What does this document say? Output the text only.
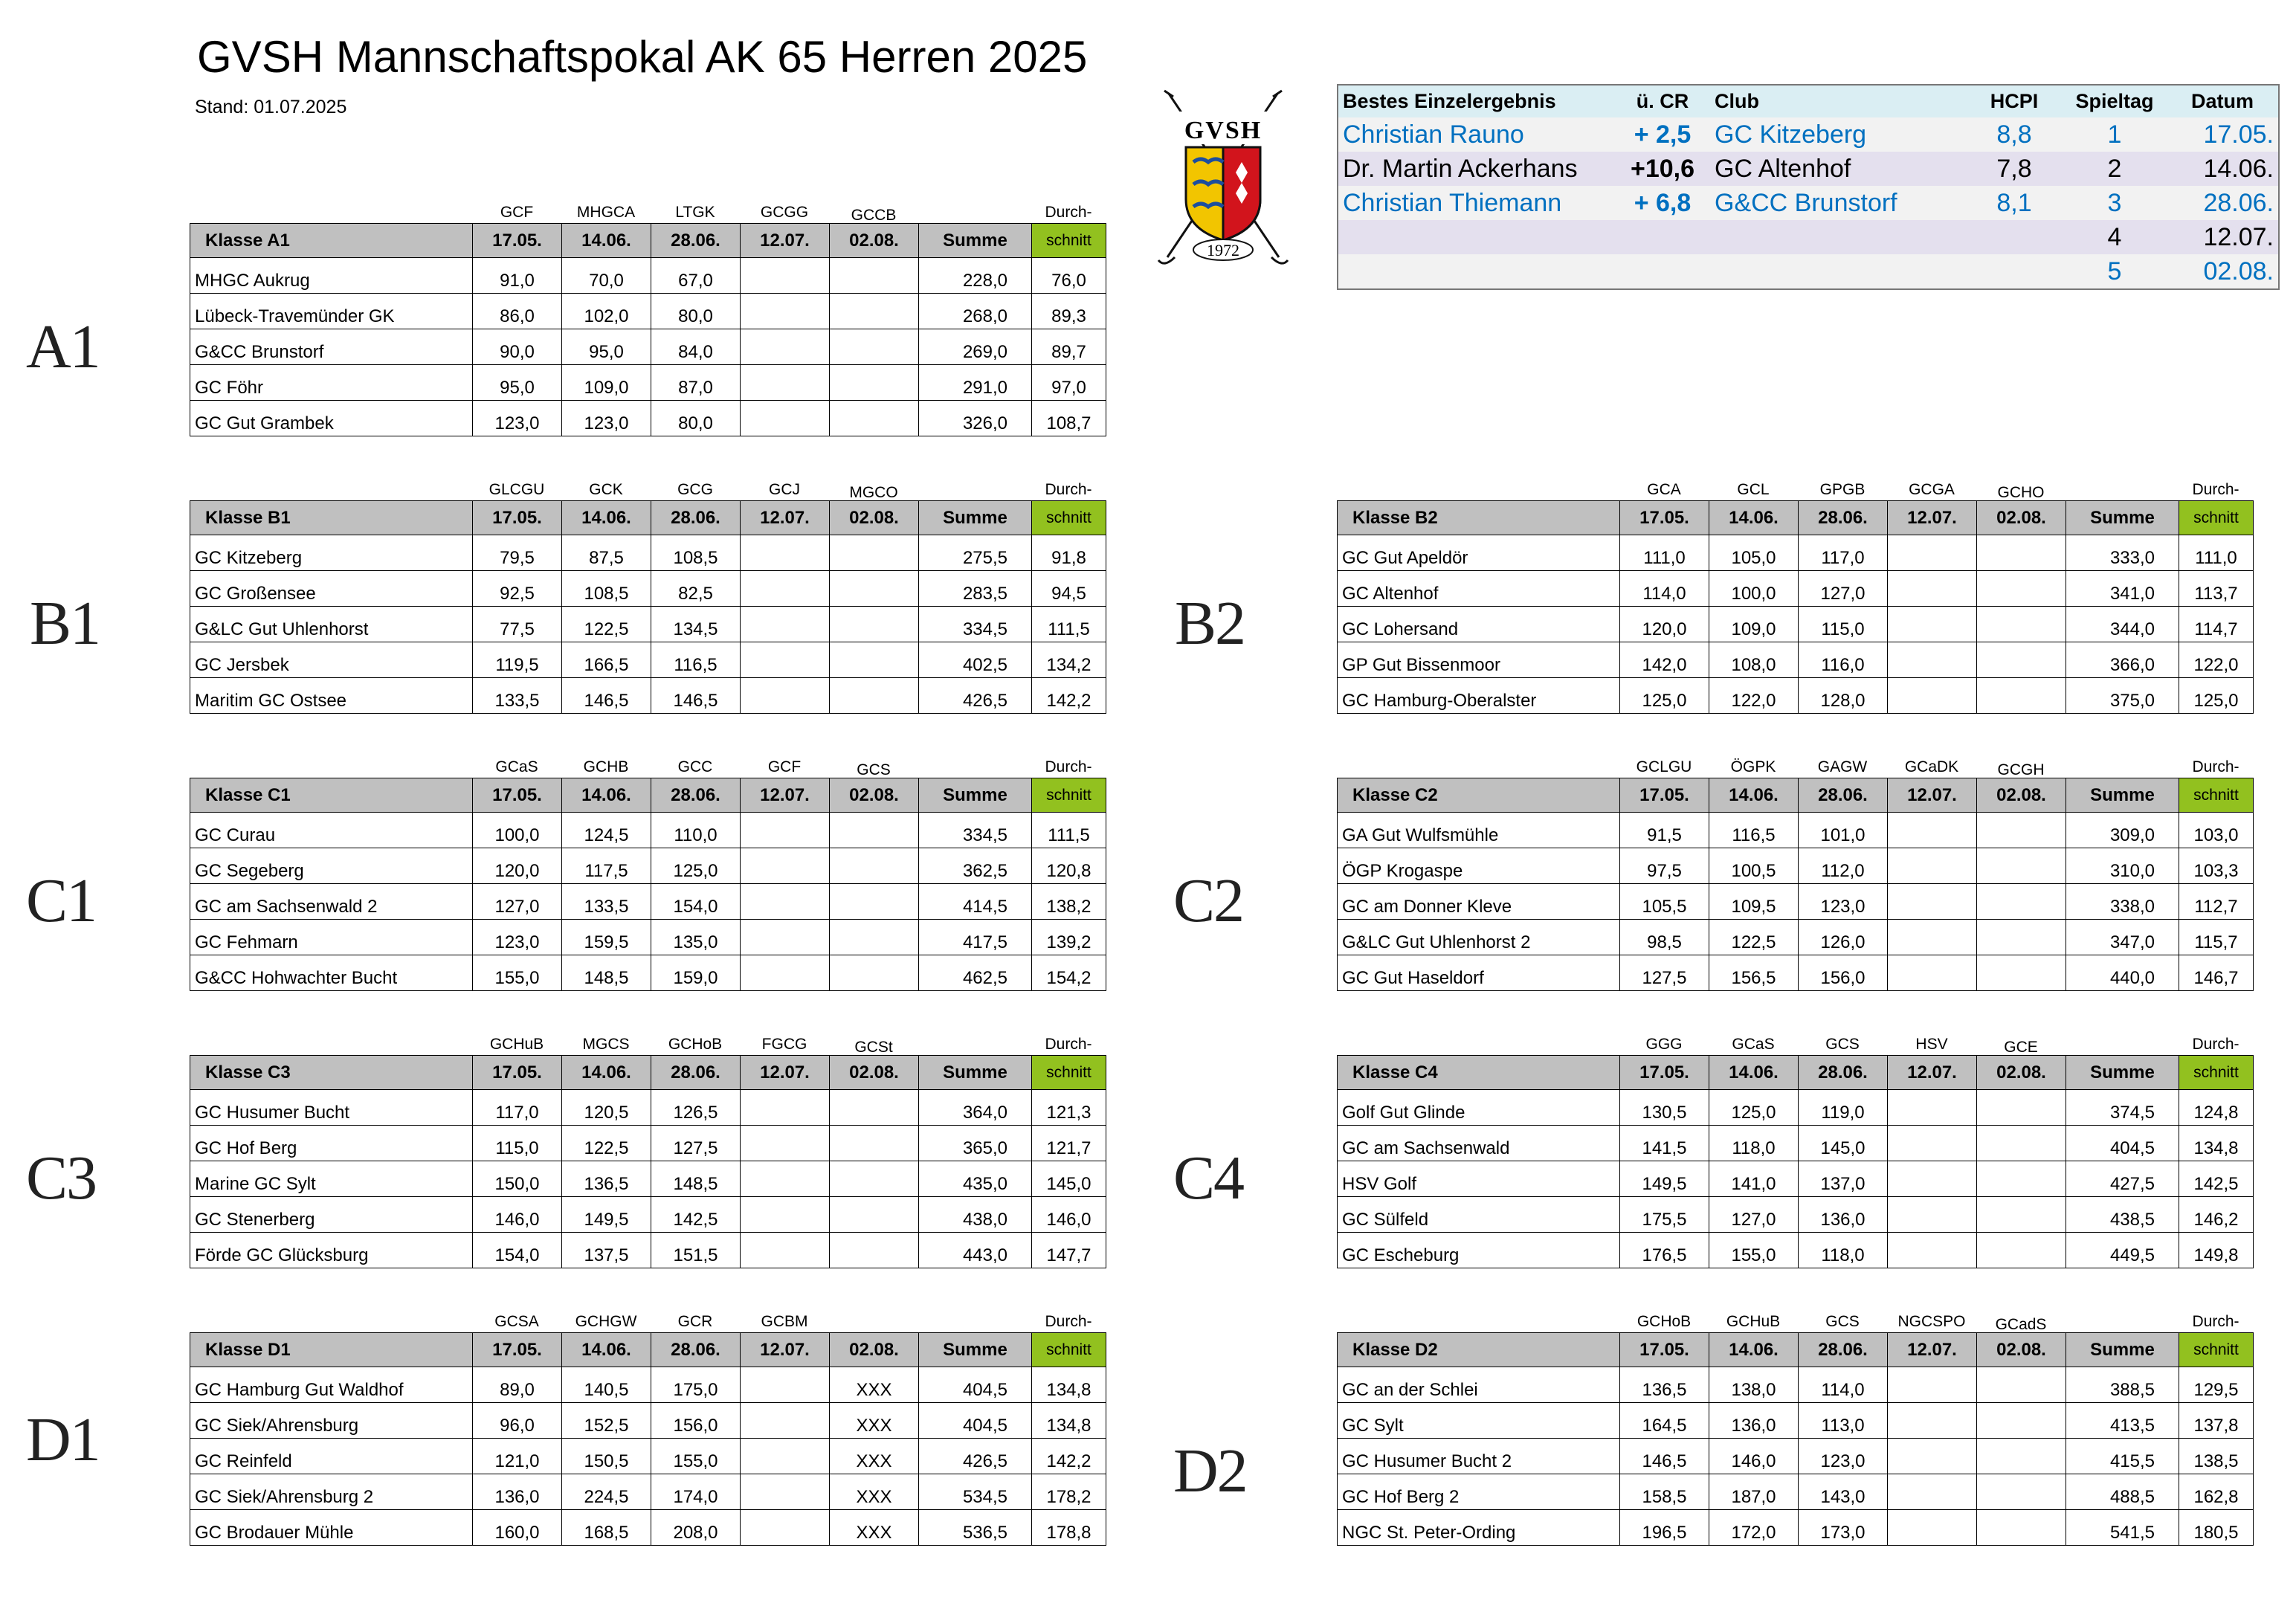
GVSH Mannschaftspokal AK 65 Herren 2025
Stand: 01.07.2025
GVSH
1972
Bestes Einzelergebnis	ü. CR	Club	HCPI	Spieltag	Datum
Christian Rauno	+ 2,5	GC Kitzeberg	8,8	1	17.05.
Dr. Martin Ackerhans	+10,6	GC Altenhof	7,8	2	14.06.
Christian Thiemann	+ 6,8	G&CC Brunstorf	8,1	3	28.06.
				4	12.07.
				5	02.08.
A1
GCF	MHGCA	LTGK	GCGG	GCCB	Durch-
Klasse A1	17.05.	14.06.	28.06.	12.07.	02.08.	Summe	schnitt
MHGC Aukrug	91,0	70,0	67,0			228,0	76,0
Lübeck-Travemünder GK	86,0	102,0	80,0			268,0	89,3
G&CC Brunstorf	90,0	95,0	84,0			269,0	89,7
GC Föhr	95,0	109,0	87,0			291,0	97,0
GC Gut Grambek	123,0	123,0	80,0			326,0	108,7
B1
GLCGU	GCK	GCG	GCJ	MGCO	Durch-
Klasse B1	17.05.	14.06.	28.06.	12.07.	02.08.	Summe	schnitt
GC Kitzeberg	79,5	87,5	108,5			275,5	91,8
GC Großensee	92,5	108,5	82,5			283,5	94,5
G&LC Gut Uhlenhorst	77,5	122,5	134,5			334,5	111,5
GC Jersbek	119,5	166,5	116,5			402,5	134,2
Maritim GC Ostsee	133,5	146,5	146,5			426,5	142,2
B2
GCA	GCL	GPGB	GCGA	GCHO	Durch-
Klasse B2	17.05.	14.06.	28.06.	12.07.	02.08.	Summe	schnitt
GC Gut Apeldör	111,0	105,0	117,0			333,0	111,0
GC Altenhof	114,0	100,0	127,0			341,0	113,7
GC Lohersand	120,0	109,0	115,0			344,0	114,7
GP Gut Bissenmoor	142,0	108,0	116,0			366,0	122,0
GC Hamburg-Oberalster	125,0	122,0	128,0			375,0	125,0
C1
GCaS	GCHB	GCC	GCF	GCS	Durch-
Klasse C1	17.05.	14.06.	28.06.	12.07.	02.08.	Summe	schnitt
GC Curau	100,0	124,5	110,0			334,5	111,5
GC Segeberg	120,0	117,5	125,0			362,5	120,8
GC am Sachsenwald 2	127,0	133,5	154,0			414,5	138,2
GC Fehmarn	123,0	159,5	135,0			417,5	139,2
G&CC Hohwachter Bucht	155,0	148,5	159,0			462,5	154,2
C2
GCLGU	ÖGPK	GAGW	GCaDK	GCGH	Durch-
Klasse C2	17.05.	14.06.	28.06.	12.07.	02.08.	Summe	schnitt
GA Gut Wulfsmühle	91,5	116,5	101,0			309,0	103,0
ÖGP Krogaspe	97,5	100,5	112,0			310,0	103,3
GC am Donner Kleve	105,5	109,5	123,0			338,0	112,7
G&LC Gut Uhlenhorst 2	98,5	122,5	126,0			347,0	115,7
GC Gut Haseldorf	127,5	156,5	156,0			440,0	146,7
C3
GCHuB	MGCS	GCHoB	FGCG	GCSt	Durch-
Klasse C3	17.05.	14.06.	28.06.	12.07.	02.08.	Summe	schnitt
GC Husumer Bucht	117,0	120,5	126,5			364,0	121,3
GC Hof Berg	115,0	122,5	127,5			365,0	121,7
Marine GC Sylt	150,0	136,5	148,5			435,0	145,0
GC Stenerberg	146,0	149,5	142,5			438,0	146,0
Förde GC Glücksburg	154,0	137,5	151,5			443,0	147,7
C4
GGG	GCaS	GCS	HSV	GCE	Durch-
Klasse C4	17.05.	14.06.	28.06.	12.07.	02.08.	Summe	schnitt
Golf Gut Glinde	130,5	125,0	119,0			374,5	124,8
GC am Sachsenwald	141,5	118,0	145,0			404,5	134,8
HSV Golf	149,5	141,0	137,0			427,5	142,5
GC Sülfeld	175,5	127,0	136,0			438,5	146,2
GC Escheburg	176,5	155,0	118,0			449,5	149,8
D1
GCSA	GCHGW	GCR	GCBM	Durch-
Klasse D1	17.05.	14.06.	28.06.	12.07.	02.08.	Summe	schnitt
GC Hamburg Gut Waldhof	89,0	140,5	175,0		XXX	404,5	134,8
GC Siek/Ahrensburg	96,0	152,5	156,0		XXX	404,5	134,8
GC Reinfeld	121,0	150,5	155,0		XXX	426,5	142,2
GC Siek/Ahrensburg 2	136,0	224,5	174,0		XXX	534,5	178,2
GC Brodauer Mühle	160,0	168,5	208,0		XXX	536,5	178,8
D2
GCHoB	GCHuB	GCS	NGCSPO	GCadS	Durch-
Klasse D2	17.05.	14.06.	28.06.	12.07.	02.08.	Summe	schnitt
GC an der Schlei	136,5	138,0	114,0			388,5	129,5
GC Sylt	164,5	136,0	113,0			413,5	137,8
GC Husumer Bucht 2	146,5	146,0	123,0			415,5	138,5
GC Hof Berg 2	158,5	187,0	143,0			488,5	162,8
NGC St. Peter-Ording	196,5	172,0	173,0			541,5	180,5
